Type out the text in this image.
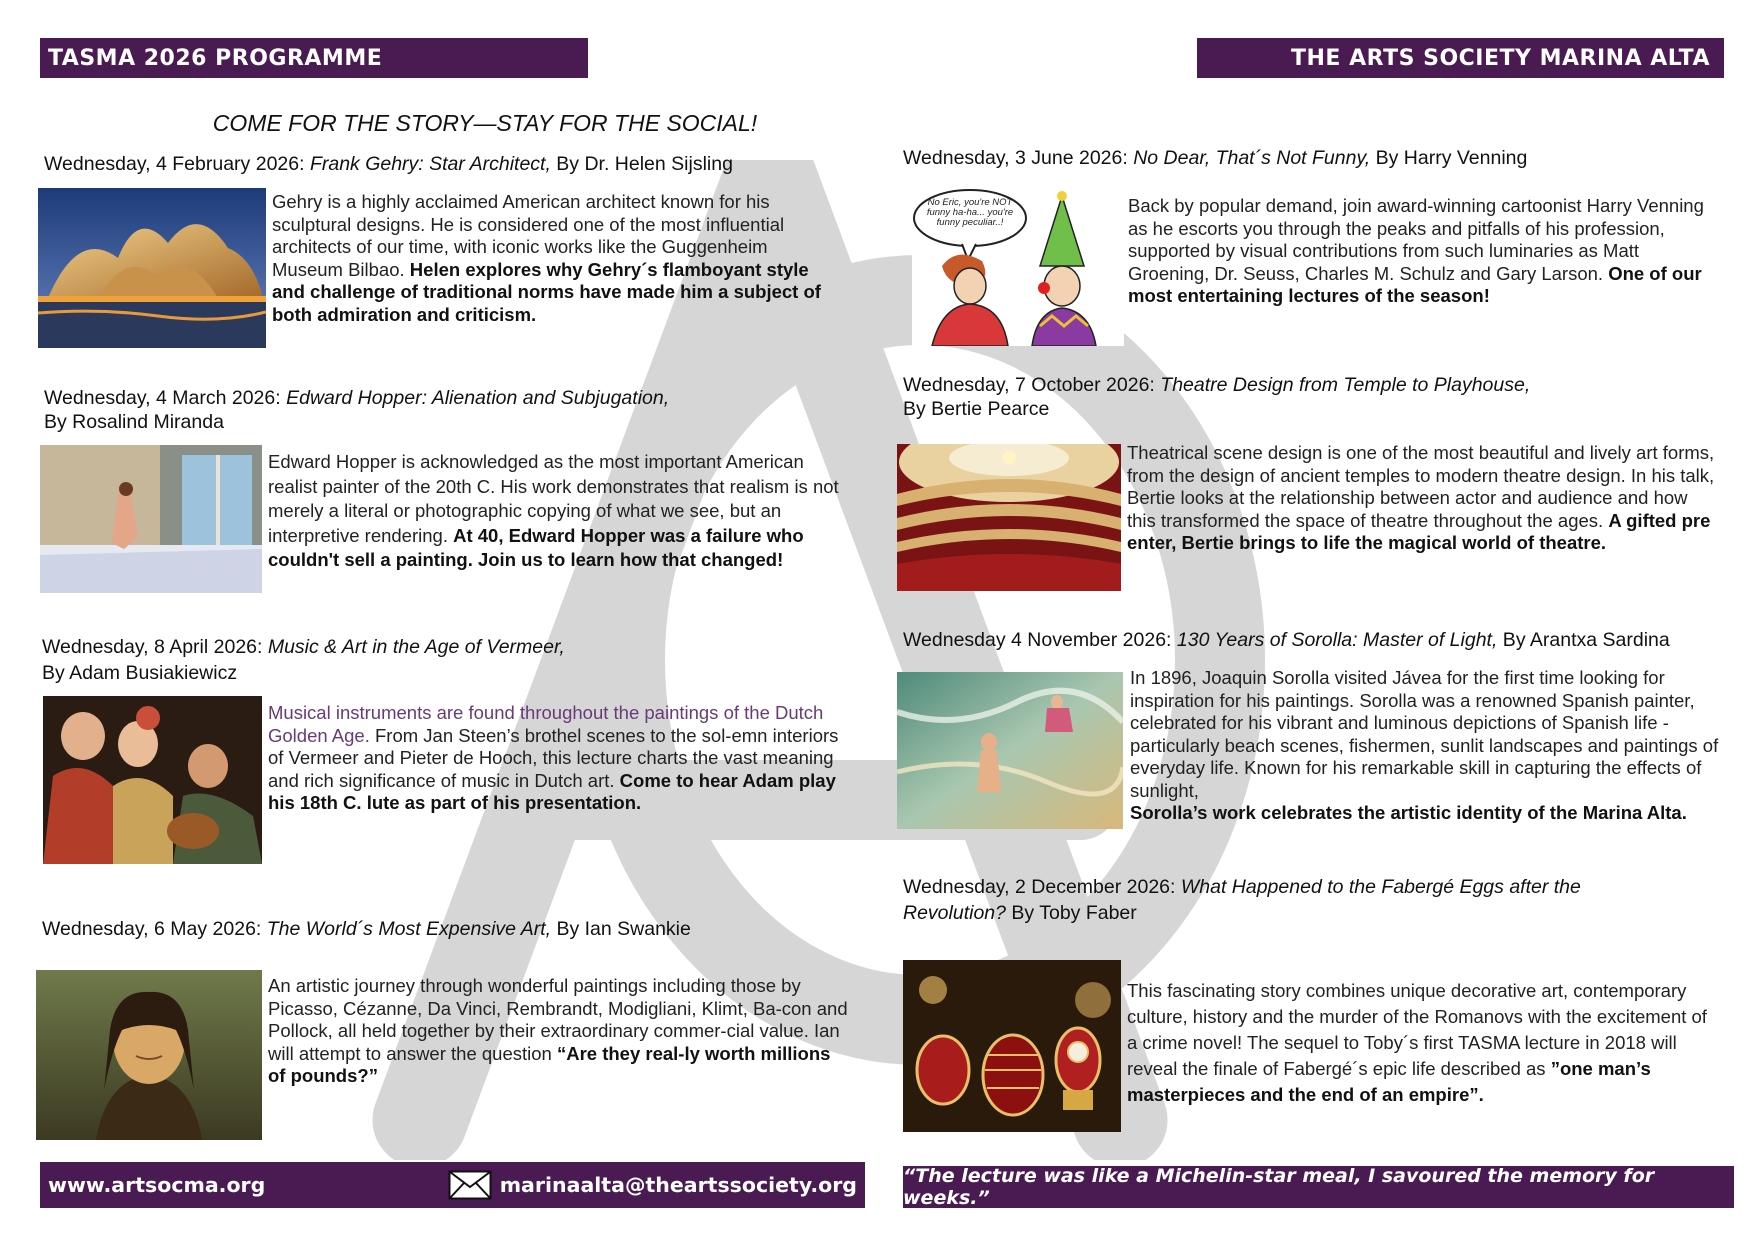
TASMA 2026 PROGRAMME	THE ARTS SOCIETY MARINA ALTA
COME FOR THE STORY—STAY FOR THE SOCIAL!
Wednesday, 4 February 2026: Frank Gehry: Star Architect, By Dr. Helen Sijsling
Gehry is a highly acclaimed American architect known for his sculptural designs. He is considered one of the most influential architects of our time, with iconic works like the Guggenheim Museum Bilbao. Helen explores why Gehry´s flamboyant style and challenge of traditional norms have made him a subject of both admiration and criticism.
Wednesday, 4 March 2026: Edward Hopper: Alienation and Subjugation,
By Rosalind Miranda
Edward Hopper is acknowledged as the most important American realist painter of the 20th C. His work demonstrates that realism is not merely a literal or photographic copying of what we see, but an interpretive rendering. At 40, Edward Hopper was a failure who couldn't sell a painting. Join us to learn how that changed!
Wednesday, 8 April 2026: Music & Art in the Age of Vermeer,
By Adam Busiakiewicz
Musical instruments are found throughout the paintings of the Dutch Golden Age. From Jan Steen’s brothel scenes to the sol-emn interiors of Vermeer and Pieter de Hooch, this lecture charts the vast meaning and rich significance of music in Dutch art. Come to hear Adam play his 18th C. lute as part of his presentation.
Wednesday, 6 May 2026: The World´s Most Expensive Art, By Ian Swankie
An artistic journey through wonderful paintings including those by Picasso, Cézanne, Da Vinci, Rembrandt, Modigliani, Klimt, Ba-con and Pollock, all held together by their extraordinary commer-cial value. Ian will attempt to answer the question “Are they real-ly worth millions of pounds?”
Wednesday, 3 June 2026: No Dear, That´s Not Funny, By Harry Venning
No Eric, you're NOT funny ha-ha... you're funny peculiar..!
Back by popular demand, join award-winning cartoonist Harry Venning as he escorts you through the peaks and pitfalls of his profession, supported by visual contributions from such luminaries as Matt Groening, Dr. Seuss, Charles M. Schulz and Gary Larson. One of our most entertaining lectures of the season!
Wednesday, 7 October 2026: Theatre Design from Temple to Playhouse,
By Bertie Pearce
Theatrical scene design is one of the most beautiful and lively art forms, from the design of ancient temples to modern theatre design. In his talk, Bertie looks at the relationship between actor and audience and how this transformed the space of theatre throughout the ages. A gifted pre enter, Bertie brings to life the magical world of theatre.
Wednesday 4 November 2026: 130 Years of Sorolla: Master of Light, By Arantxa Sardina
In 1896, Joaquin Sorolla visited Jávea for the first time looking for inspiration for his paintings. Sorolla was a renowned Spanish painter, celebrated for his vibrant and luminous depictions of Spanish life - particularly beach scenes, fishermen, sunlit landscapes and paintings of everyday life. Known for his remarkable skill in capturing the effects of sunlight,
Sorolla’s work celebrates the artistic identity of the Marina Alta.
Wednesday, 2 December 2026: What Happened to the Fabergé Eggs after the Revolution? By Toby Faber
This fascinating story combines unique decorative art, contemporary culture, history and the murder of the Romanovs with the excitement of a crime novel! The sequel to Toby´s first TASMA lecture in 2018 will reveal the finale of Fabergé´s epic life described as ”one man’s masterpieces and the end of an empire”.
www.artsocma.org	marinaalta@theartssociety.org “The lecture was like a Michelin-star meal, I savoured the memory for weeks.”
